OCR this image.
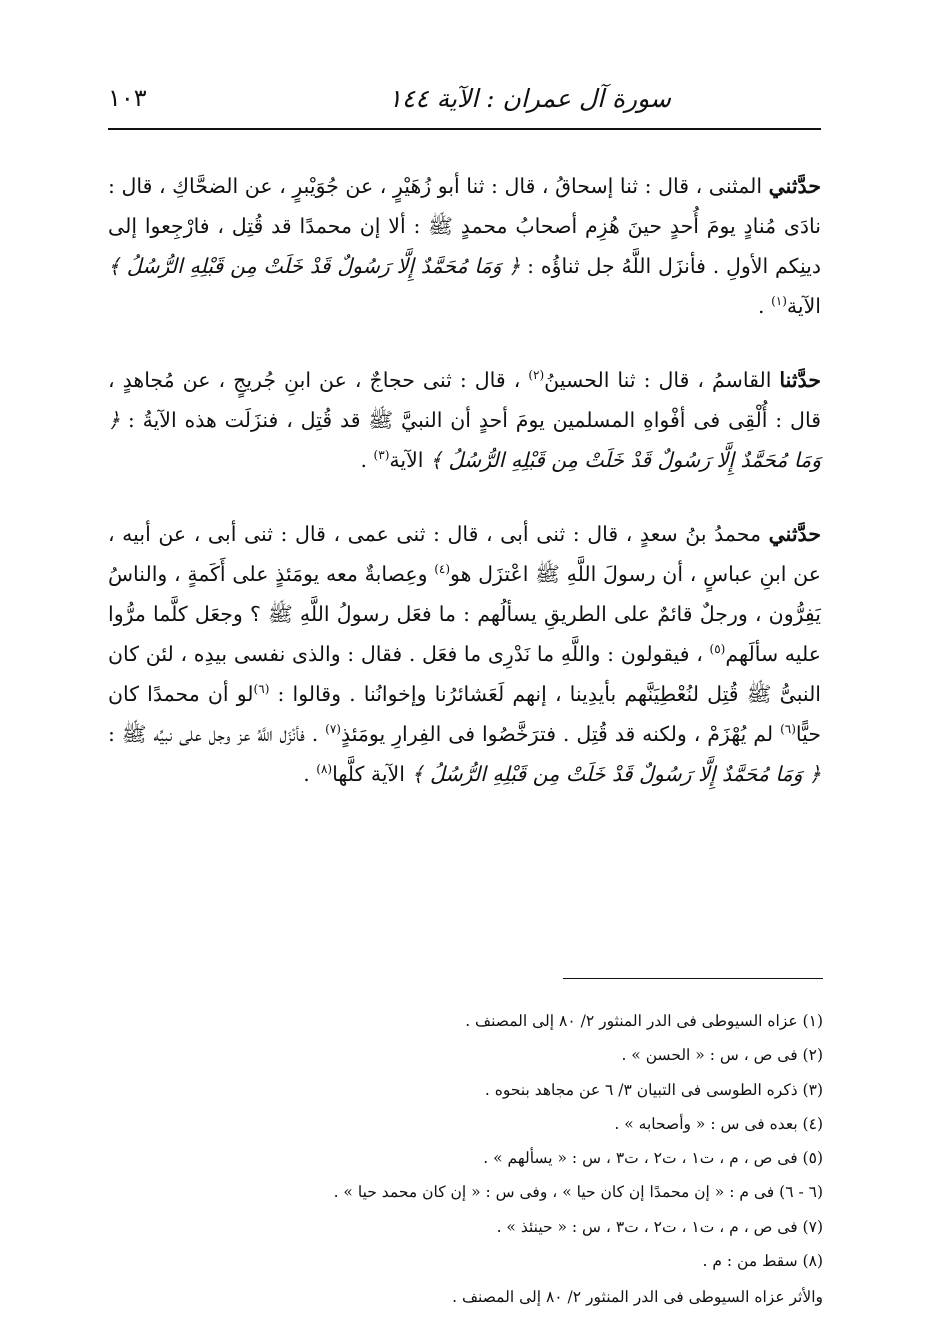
سورة آل عمران : الآية ١٤٤
١٠٣

حدَّثني المثنى ، قال : ثنا إسحاقُ ، قال : ثنا أبو زُهَيْرٍ ، عن جُوَيْبرٍ ، عن الضحَّاكِ ، قال : نادَى مُنادٍ يومَ أُحدٍ حينَ هُزِم أصحابُ محمدٍ ﷺ : ألا إن محمدًا قد قُتِل ، فارْجِعوا إلى دينِكم الأولِ . فأنزَل اللَّهُ جل ثناؤُه : ﴿ وَمَا مُحَمَّدٌ إِلَّا رَسُولٌ قَدْ خَلَتْ مِن قَبْلِهِ الرُّسُلُ ﴾ الآية$^{(١)}$ .

حدَّثنا القاسمُ ، قال : ثنا الحسينُ$^{(٢)}$ ، قال : ثنى حجاجٌ ، عن ابنِ جُريجٍ ، عن مُجاهدٍ ، قال : أُلْقِى فى أفْواهِ المسلمين يومَ أحدٍ أن النبيَّ ﷺ قد قُتِل ، فنزَلَت هذه الآيةُ : ﴿ وَمَا مُحَمَّدٌ إِلَّا رَسُولٌ قَدْ خَلَتْ مِن قَبْلِهِ الرُّسُلُ ﴾ الآية$^{(٣)}$ .

حدَّثني محمدُ بنُ سعدٍ ، قال : ثنى أبى ، قال : ثنى عمى ، قال : ثنى أبى ، عن أبيه ، عن ابنِ عباسٍ ، أن رسولَ اللَّهِ ﷺ اعْتزَل هو$^{(٤)}$ وعِصابةٌ معه يومَئذٍ على أَكَمةٍ ، والناسُ يَفِرُّون ، ورجلٌ قائمٌ على الطريقِ يسألُهم : ما فعَل رسولُ اللَّهِ ﷺ ؟ وجعَل كلَّما مرُّوا عليه سألَهم$^{(٥)}$ ، فيقولون : واللَّهِ ما نَدْرِى ما فعَل . فقال : والذى نفسى بيدِه ، لئن كان النبىُّ ﷺ قُتِل لنُعْطِيَنَّهم بأيدِينا ، إنهم لَعَشائرُنا وإخوانُنا . وقالوا : $^{(٦)}$لو أن محمدًا كان حيًّا$^{(٦)}$ لم يُهْزَمْ ، ولكنه قد قُتِل . فترَخَّصُوا فى الفِرارِ يومَئذٍ$^{(٧)}$ . فأنْزَل اللَّهُ عز وجل على نبيِّه ﷺ : ﴿ وَمَا مُحَمَّدٌ إِلَّا رَسُولٌ قَدْ خَلَتْ مِن قَبْلِهِ الرُّسُلُ ﴾ الآية كلَّها$^{(٨)}$ .

(١) عزاه السيوطى فى الدر المنثور ٢/ ٨٠ إلى المصنف .
(٢) فى ص ، س : « الحسن » .
(٣) ذكره الطوسى فى التبيان ٣/ ٦ عن مجاهد بنحوه .
(٤) بعده فى س : « وأصحابه » .
(٥) فى ص ، م ، ت١ ، ت٢ ، ت٣ ، س : « يسألهم » .
(٦ - ٦) فى م : « إن محمدًا إن كان حيا » ، وفى س : « إن كان محمد حيا » .
(٧) فى ص ، م ، ت١ ، ت٢ ، ت٣ ، س : « حينئذ » .
(٨) سقط من : م .
والأثر عزاه السيوطى فى الدر المنثور ٢/ ٨٠ إلى المصنف .
